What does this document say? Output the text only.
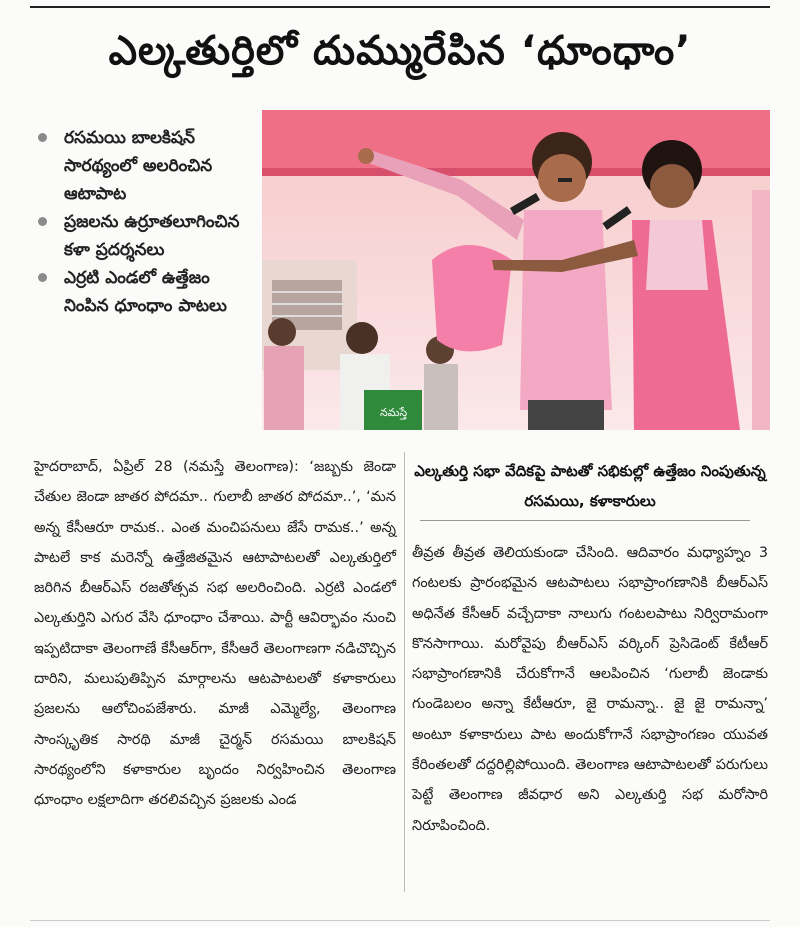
ఎల్కతుర్తిలో దుమ్మురేపిన ‘ధూంధాం’
రసమయి బాలకిషన్ సారథ్యంలో అలరించిన ఆటాపాట
ప్రజలను ఉర్రూతలూగించిన కళా ప్రదర్శనలు
ఎర్రటి ఎండలో ఉత్తేజం నింపిన ధూంధాం పాటలు
నమస్తే
ఎల్కతుర్తి సభా వేదికపై పాటతో సభికుల్లో ఉత్తేజం నింపుతున్న రసమయి, కళాకారులు
హైదరాబాద్, ఏప్రిల్ 28 (నమస్తే తెలంగాణ): ‘జబ్బకు జెండా చేతుల జెండా జాతర పోదమా.. గులాబీ జాతర పోదమా..’, ‘మన అన్న కేసీఆరూ రామక.. ఎంత మంచిపనులు జేసే రామక..’ అన్న పాటలే కాక మరెన్నో ఉత్తేజితమైన ఆటాపాటలతో ఎల్కతుర్తిలో జరిగిన బీఆర్ఎస్ రజతోత్సవ సభ అలరించింది. ఎర్రటి ఎండలో ఎల్కతుర్తిని ఎగుర వేసి ధూంధాం చేశాయి. పార్టీ ఆవిర్భావం నుంచి ఇప్పటిదాకా తెలంగాణే కేసీఆర్‌గా, కేసీఆరే తెలంగాణగా నడిచొచ్చిన దారిని, మలుపుతిప్పిన మార్గాలను ఆటపాటలతో కళాకారులు ప్రజలను ఆలోచింపజేశారు. మాజీ ఎమ్మెల్యే, తెలంగాణ సాంస్కృతిక సారథి మాజీ చైర్మన్ రసమయి బాలకిషన్ సారథ్యంలోని కళాకారుల బృందం నిర్వహించిన తెలంగాణ ధూంధాం లక్షలాదిగా తరలివచ్చిన ప్రజలకు ఎండ
తీవ్రత తీవ్రత తెలియకుండా చేసింది. ఆదివారం మధ్యాహ్నం 3 గంటలకు ప్రారంభమైన ఆటపాటలు సభాప్రాంగణానికి బీఆర్ఎస్ అధినేత కేసీఆర్ వచ్చేదాకా నాలుగు గంటలపాటు నిర్విరామంగా కొనసాగాయి. మరోవైపు బీఆర్ఎస్ వర్కింగ్ ప్రెసిడెంట్ కేటీఆర్ సభాప్రాంగణానికి చేరుకోగానే ఆలపించిన ‘గులాబీ జెండాకు గుండెబలం అన్నా కేటీఆరూ, జై రామన్నా.. జై జై రామన్నా’ అంటూ కళాకారులు పాట అందుకోగానే సభాప్రాంగణం యువత కేరింతలతో దద్దరిల్లిపోయింది. తెలంగాణ ఆటాపాటలతో పరుగులు పెట్టే తెలంగాణ జీవధార అని ఎల్కతుర్తి సభ మరోసారి నిరూపించింది.
